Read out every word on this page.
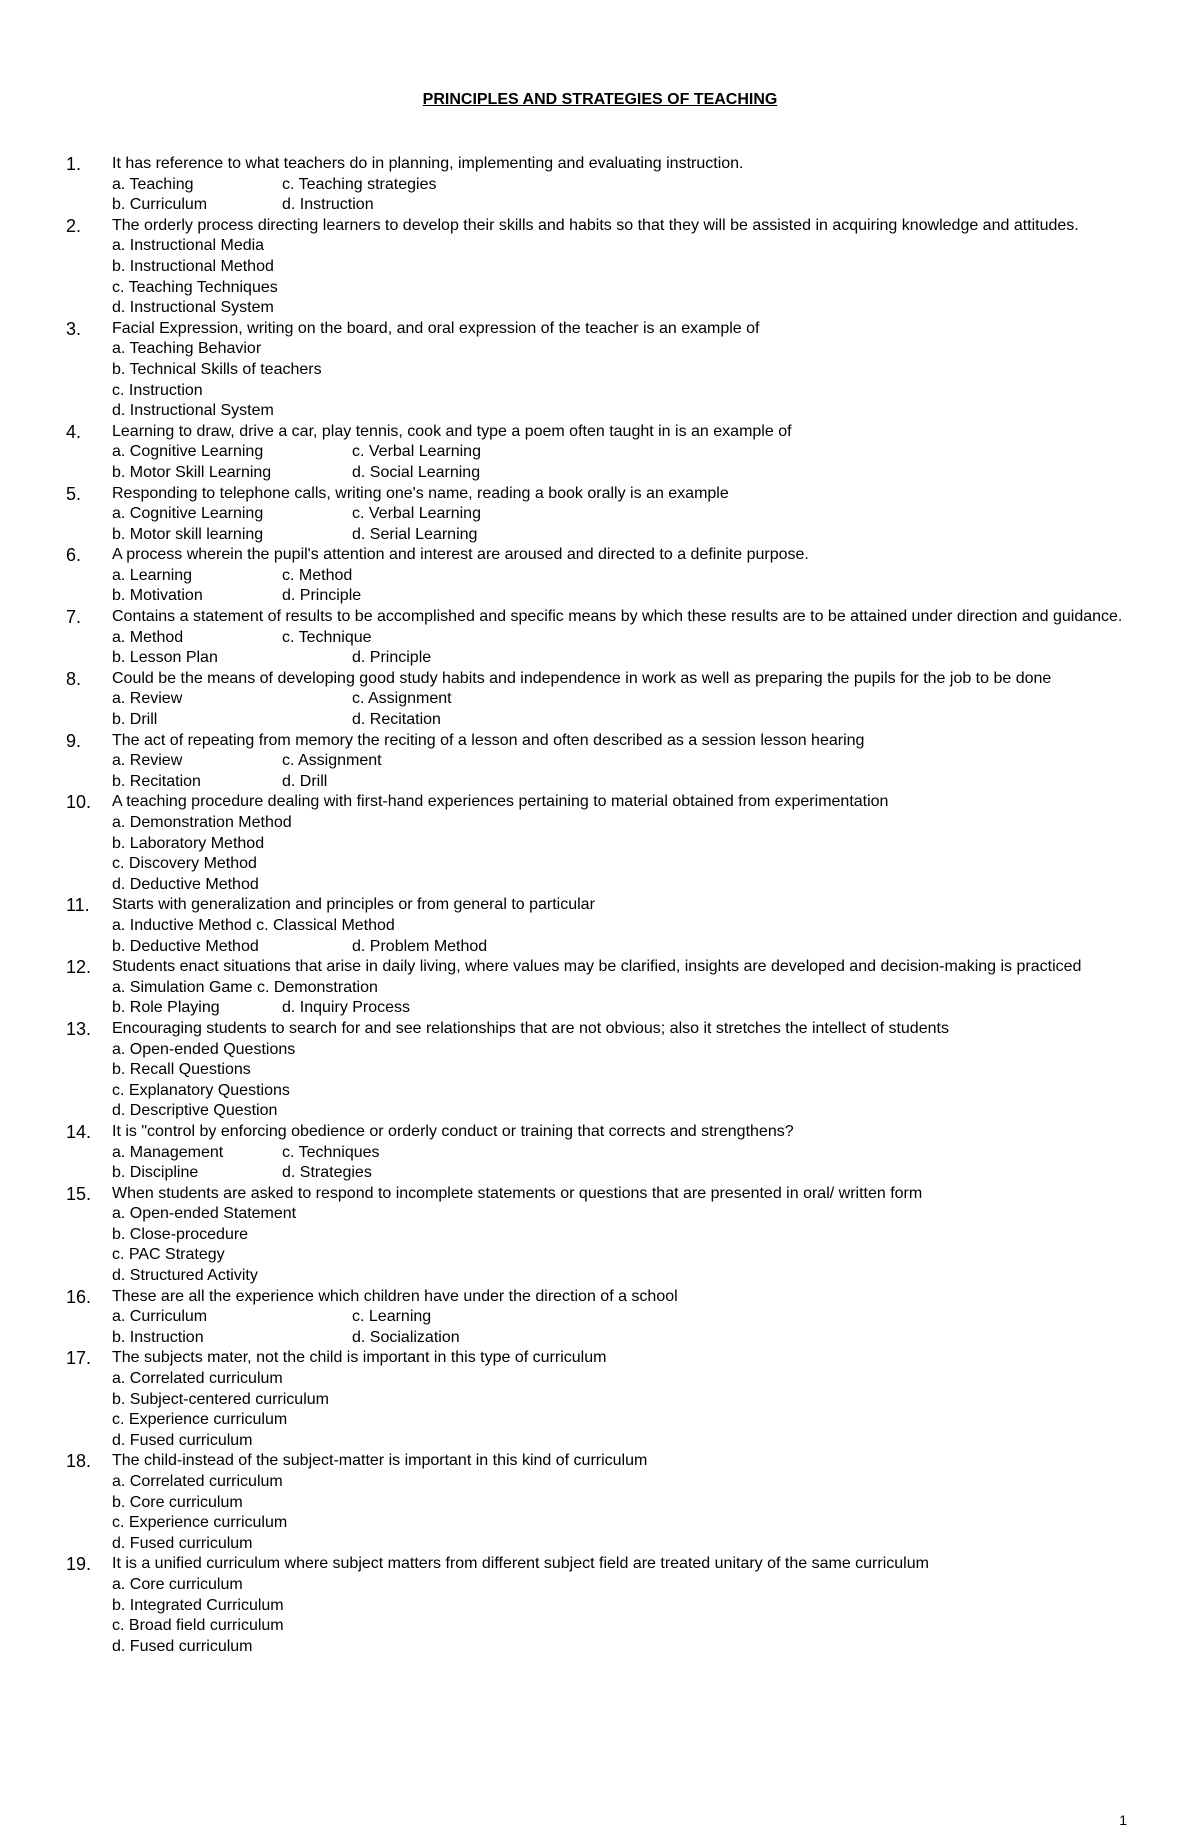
PRINCIPLES AND STRATEGIES OF TEACHING
1. It has reference to what teachers do in planning, implementing and evaluating instruction.
a. Teaching	c. Teaching strategies
b. Curriculum	d. Instruction
2. The orderly process directing learners to develop their skills and habits so that they will be assisted in acquiring knowledge and attitudes.
a. Instructional Media
b. Instructional Method
c. Teaching Techniques
d. Instructional System
3. Facial Expression, writing on the board, and oral expression of the teacher is an example of
a. Teaching Behavior
b. Technical Skills of teachers
c. Instruction
d. Instructional System
4. Learning to draw, drive a car, play tennis, cook and type a poem often taught in is an example of
a. Cognitive Learning	c. Verbal Learning
b. Motor Skill Learning	d. Social Learning
5. Responding to telephone calls, writing one's name, reading a book orally is an example
a. Cognitive Learning	c. Verbal Learning
b. Motor skill learning	d. Serial Learning
6. A process wherein the pupil's attention and interest are aroused and directed to a definite purpose.
a. Learning	c. Method
b. Motivation	d. Principle
7. Contains a statement of results to be accomplished and specific means by which these results are to be attained under direction and guidance.
a. Method	c. Technique
b. Lesson Plan	d. Principle
8. Could be the means of developing good study habits and independence in work as well as preparing the pupils for the job to be done
a. Review	c. Assignment
b. Drill	d. Recitation
9. The act of repeating from memory the reciting of a lesson and often described as a session lesson hearing
a. Review	c. Assignment
b. Recitation	d. Drill
10. A teaching procedure dealing with first-hand experiences pertaining to material obtained from experimentation
a. Demonstration Method
b. Laboratory Method
c. Discovery Method
d. Deductive Method
11. Starts with generalization and principles or from general to particular
a. Inductive Method c. Classical Method
b. Deductive Method	d. Problem Method
12. Students enact situations that arise in daily living, where values may be clarified, insights are developed and decision-making is practiced
a. Simulation Game c. Demonstration
b. Role Playing	d. Inquiry Process
13. Encouraging students to search for and see relationships that are not obvious; also it stretches the intellect of students
a. Open-ended Questions
b. Recall Questions
c. Explanatory Questions
d. Descriptive Question
14. It is "control by enforcing obedience or orderly conduct or training that corrects and strengthens?
a. Management	c. Techniques
b. Discipline	d. Strategies
15. When students are asked to respond to incomplete statements or questions that are presented in oral/ written form
a. Open-ended Statement
b. Close-procedure
c. PAC Strategy
d. Structured Activity
16. These are all the experience which children have under the direction of a school
a. Curriculum	c. Learning
b. Instruction	d. Socialization
17. The subjects mater, not the child is important in this type of curriculum
a. Correlated curriculum
b. Subject-centered curriculum
c. Experience curriculum
d. Fused curriculum
18. The child-instead of the subject-matter is important in this kind of curriculum
a. Correlated curriculum
b. Core curriculum
c. Experience curriculum
d. Fused curriculum
19. It is a unified curriculum where subject matters from different subject field are treated unitary of the same curriculum
a. Core curriculum
b. Integrated Curriculum
c. Broad field curriculum
d. Fused curriculum
1
